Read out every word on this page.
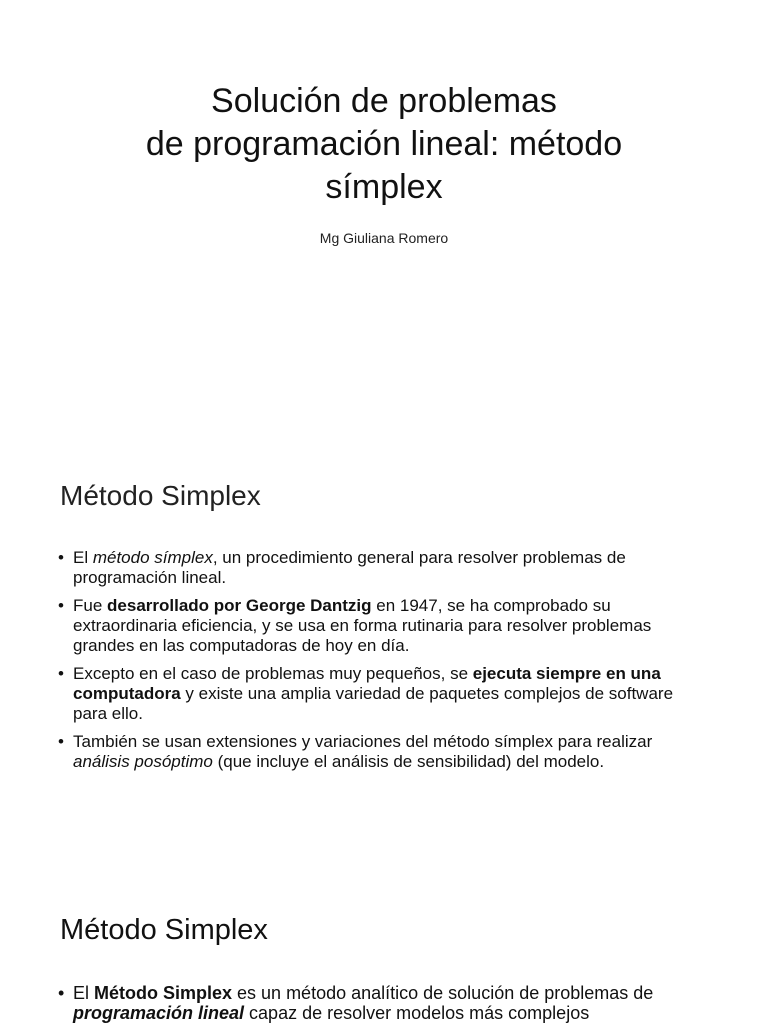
Solución de problemas
de programación lineal: método
símplex
Mg Giuliana Romero
Método Simplex
• El método símplex, un procedimiento general para resolver problemas de programación lineal.
• Fue desarrollado por George Dantzig en 1947, se ha comprobado su extraordinaria eficiencia, y se usa en forma rutinaria para resolver problemas grandes en las computadoras de hoy en día.
• Excepto en el caso de problemas muy pequeños, se ejecuta siempre en una computadora y existe una amplia variedad de paquetes complejos de software para ello.
• También se usan extensiones y variaciones del método símplex para realizar análisis posóptimo (que incluye el análisis de sensibilidad) del modelo.
Método Simplex
• El Método Simplex es un método analítico de solución de problemas de programación lineal capaz de resolver modelos más complejos
